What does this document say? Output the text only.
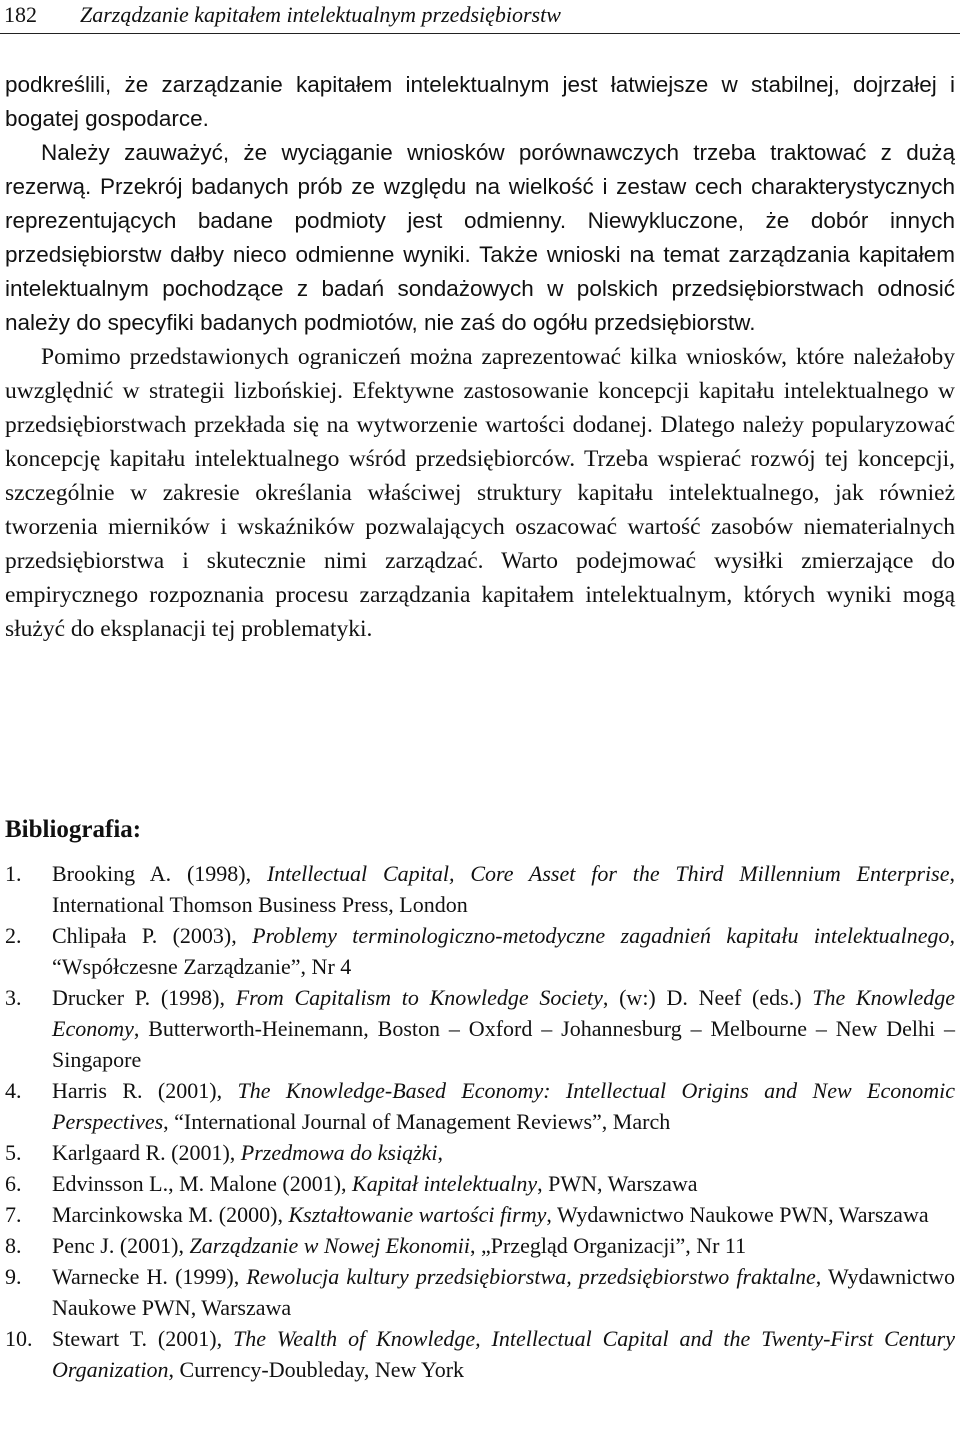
182 Zarządzanie kapitałem intelektualnym przedsiębiorstw

podkreślili, że zarządzanie kapitałem intelektualnym jest łatwiejsze w stabilnej, dojrzałej i bogatej gospodarce.
Należy zauważyć, że wyciąganie wniosków porównawczych trzeba traktować z dużą rezerwą. Przekrój badanych prób ze względu na wielkość i zestaw cech charakterystycznych reprezentujących badane podmioty jest odmienny. Niewykluczone, że dobór innych przedsiębiorstw dałby nieco odmienne wyniki. Także wnioski na temat zarządzania kapitałem intelektualnym pochodzące z badań sondażowych w polskich przedsiębiorstwach odnosić należy do specyfiki badanych podmiotów, nie zaś do ogółu przedsiębiorstw.

Pomimo przedstawionych ograniczeń można zaprezentować kilka wniosków, które należałoby uwzględnić w strategii lizbońskiej. Efektywne zastosowanie koncepcji kapitału intelektualnego w przedsiębiorstwach przekłada się na wytworzenie wartości dodanej. Dlatego należy popularyzować koncepcję kapitału intelektualnego wśród przedsiębiorców. Trzeba wspierać rozwój tej koncepcji, szczególnie w zakresie określania właściwej struktury kapitału intelektualnego, jak również tworzenia mierników i wskaźników pozwalających oszacować wartość zasobów niematerialnych przedsiębiorstwa i skutecznie nimi zarządzać. Warto podejmować wysiłki zmierzające do empirycznego rozpoznania procesu zarządzania kapitałem intelektualnym, których wyniki mogą służyć do eksplanacji tej problematyki.

Bibliografia:
1. Brooking A. (1998), Intellectual Capital, Core Asset for the Third Millennium Enterprise, International Thomson Business Press, London
2. Chlipała P. (2003), Problemy terminologiczno-metodyczne zagadnień kapitału intelektualnego, “Współczesne Zarządzanie”, Nr 4
3. Drucker P. (1998), From Capitalism to Knowledge Society, (w:) D. Neef (eds.) The Knowledge Economy, Butterworth-Heinemann, Boston – Oxford – Johannesburg – Melbourne – New Delhi – Singapore
4. Harris R. (2001), The Knowledge-Based Economy: Intellectual Origins and New Economic Perspectives, “International Journal of Management Reviews”, March
5. Karlgaard R. (2001), Przedmowa do książki,
6. Edvinsson L., M. Malone (2001), Kapitał intelektualny, PWN, Warszawa
7. Marcinkowska M. (2000), Kształtowanie wartości firmy, Wydawnictwo Naukowe PWN, Warszawa
8. Penc J. (2001), Zarządzanie w Nowej Ekonomii, „Przegląd Organizacji”, Nr 11
9. Warnecke H. (1999), Rewolucja kultury przedsiębiorstwa, przedsiębiorstwo fraktalne, Wydawnictwo Naukowe PWN, Warszawa
10. Stewart T. (2001), The Wealth of Knowledge, Intellectual Capital and the Twenty-First Century Organization, Currency-Doubleday, New York
